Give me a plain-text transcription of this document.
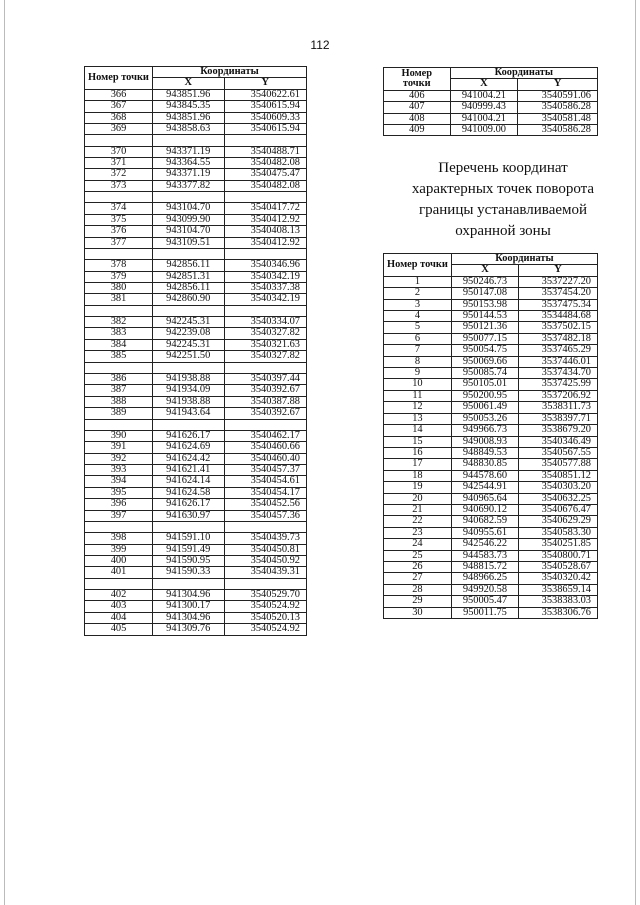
112
Номер точки	Координаты	
	X	Y
366	943851.96	3540622.61
367	943845.35	3540615.94
368	943851.96	3540609.33
369	943858.63	3540615.94

370	943371.19	3540488.71
371	943364.55	3540482.08
372	943371.19	3540475.47
373	943377.82	3540482.08

374	943104.70	3540417.72
375	943099.90	3540412.92
376	943104.70	3540408.13
377	943109.51	3540412.92

378	942856.11	3540346.96
379	942851.31	3540342.19
380	942856.11	3540337.38
381	942860.90	3540342.19

382	942245.31	3540334.07
383	942239.08	3540327.82
384	942245.31	3540321.63
385	942251.50	3540327.82

386	941938.88	3540397.44
387	941934.09	3540392.67
388	941938.88	3540387.88
389	941943.64	3540392.67

390	941626.17	3540462.17
391	941624.69	3540460.66
392	941624.42	3540460.40
393	941621.41	3540457.37
394	941624.14	3540454.61
395	941624.58	3540454.17
396	941626.17	3540452.56
397	941630.97	3540457.36

398	941591.10	3540439.73
399	941591.49	3540450.81
400	941590.95	3540450.92
401	941590.33	3540439.31

402	941304.96	3540529.70
403	941300.17	3540524.92
404	941304.96	3540520.13
405	941309.76	3540524.92
Номер
точки	Координаты	
	X	Y
406	941004.21	3540591.06
407	940999.43	3540586.28
408	941004.21	3540581.48
409	941009.00	3540586.28
Перечень координат
характерных точек поворота
границы устанавливаемой
охранной зоны
Номер точки	Координаты	
	X	Y
1	950246.73	3537227.20
2	950147.08	3537454.20
3	950153.98	3537475.34
4	950144.53	3534484.68
5	950121.36	3537502.15
6	950077.15	3537482.18
7	950054.75	3537465.29
8	950069.66	3537446.01
9	950085.74	3537434.70
10	950105.01	3537425.99
11	950200.95	3537206.92
12	950061.49	3538311.73
13	950053.26	3538397.71
14	949966.73	3538679.20
15	949008.93	3540346.49
16	948849.53	3540567.55
17	948830.85	3540577.88
18	944578.60	3540851.12
19	942544.91	3540303.20
20	940965.64	3540632.25
21	940690.12	3540676.47
22	940682.59	3540629.29
23	940955.61	3540583.30
24	942546.22	3540251.85
25	944583.73	3540800.71
26	948815.72	3540528.67
27	948966.25	3540320.42
28	949920.58	3538659.14
29	950005.47	3538383.03
30	950011.75	3538306.76
